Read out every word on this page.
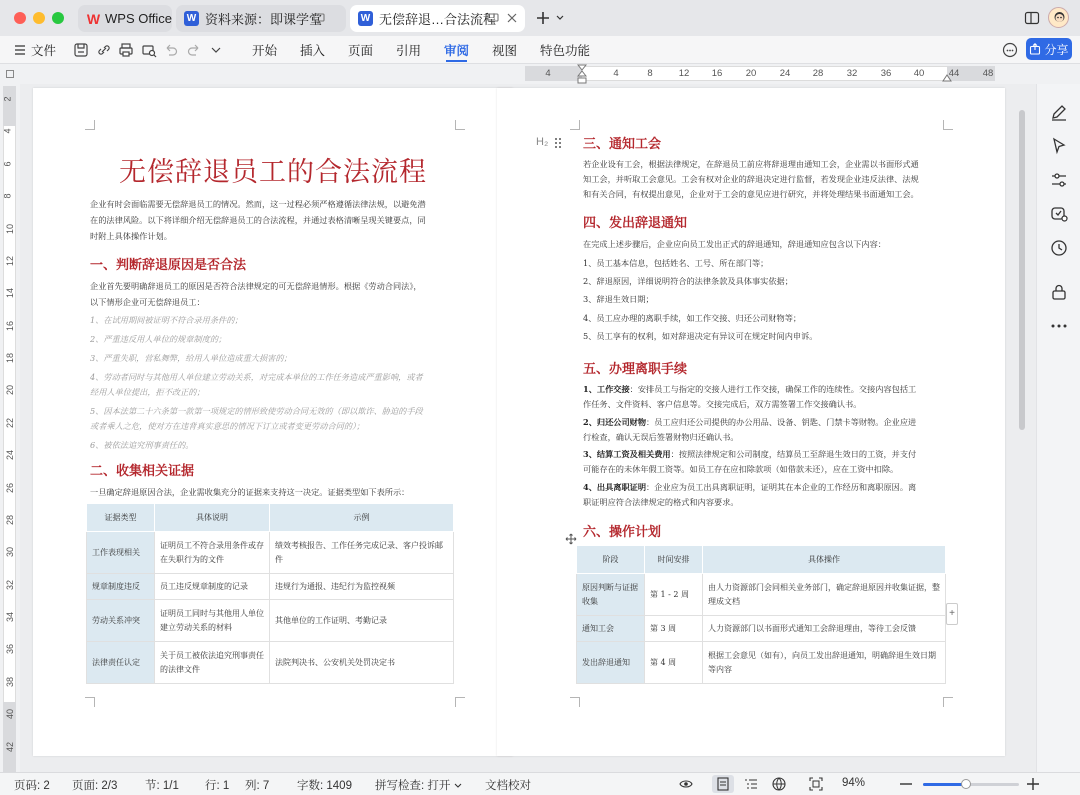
W WPS Office W 资料来源：即课学堂	W 无偿辞退…合法流程
文件	开始 插入 页面 引用 审阅 视图 特色功能	分享
4	4	8	12	16	20	24	28	32	36	40	44	48
2
4
6
8
10
12
14
16
18
20
22
24
26
28
30
32
34
36
38
40
42
无偿辞退员工的合法流程
企业有时会面临需要无偿辞退员工的情况。然而，这一过程必须严格遵循法律法规，以避免潜
在的法律风险。以下将详细介绍无偿辞退员工的合法流程，并通过表格清晰呈现关键要点，同
时附上具体操作计划。
一、判断辞退原因是否合法
企业首先要明确辞退员工的原因是否符合法律规定的可无偿辞退情形。根据《劳动合同法》，
以下情形企业可无偿辞退员工：
1、在试用期间被证明不符合录用条件的；
2、严重违反用人单位的规章制度的；
3、严重失职，营私舞弊，给用人单位造成重大损害的；
4、劳动者同时与其他用人单位建立劳动关系，对完成本单位的工作任务造成严重影响，或者
经用人单位提出，拒不改正的；
5、因本法第二十六条第一款第一项规定的情形致使劳动合同无效的（即以欺诈、胁迫的手段
或者乘人之危，使对方在违背真实意思的情况下订立或者变更劳动合同的）；
6、被依法追究刑事责任的。
二、收集相关证据
一旦确定辞退原因合法，企业需收集充分的证据来支持这一决定。证据类型如下表所示：
证据类型	具体说明	示例
工作表现相关	证明员工不符合录用条件或存在失职行为的文件	绩效考核报告、工作任务完成记录、客户投诉邮件
规章制度违反	员工违反规章制度的记录	违规行为通报、违纪行为监控视频
劳动关系冲突	证明员工同时与其他用人单位建立劳动关系的材料	其他单位的工作证明、考勤记录
法律责任认定	关于员工被依法追究刑事责任的法律文件	法院判决书、公安机关处罚决定书
H₂	三、通知工会
若企业设有工会，根据法律规定，在辞退员工前应将辞退理由通知工会，企业需以书面形式通
知工会，并听取工会意见。工会有权对企业的辞退决定进行监督，若发现企业违反法律、法规
和有关合同，有权提出意见，企业对于工会的意见应进行研究，并将处理结果书面通知工会。
四、发出辞退通知
在完成上述步骤后，企业应向员工发出正式的辞退通知，辞退通知应包含以下内容：
1、员工基本信息，包括姓名、工号、所在部门等；
2、辞退原因，详细说明符合的法律条款及具体事实依据；
3、辞退生效日期；
4、员工应办理的离职手续，如工作交接、归还公司财物等；
5、员工享有的权利，如对辞退决定有异议可在规定时间内申诉。
五、办理离职手续
1、工作交接：安排员工与指定的交接人进行工作交接，确保工作的连续性。交接内容包括工
作任务、文件资料、客户信息等。交接完成后，双方需签署工作交接确认书。
2、归还公司财物：员工应归还公司提供的办公用品、设备、钥匙、门禁卡等财物。企业应进
行检查，确认无误后签署财物归还确认书。
3、结算工资及相关费用：按照法律规定和公司制度，结算员工至辞退生效日的工资，并支付
可能存在的未休年假工资等。如员工存在应扣除款项（如借款未还），应在工资中扣除。
4、出具离职证明：企业应为员工出具离职证明，证明其在本企业的工作经历和离职原因。离
职证明应符合法律规定的格式和内容要求。
六、操作计划
阶段	时间安排	具体操作
原因判断与证据收集	第 1 - 2 周	由人力资源部门会同相关业务部门，确定辞退原因并收集证据，整理成文档
通知工会	第 3 周	人力资源部门以书面形式通知工会辞退理由，等待工会反馈
发出辞退通知	第 4 周	根据工会意见（如有），向员工发出辞退通知，明确辞退生效日期等内容
+
页码: 2 页面: 2/3 节: 1/1 行: 1 列: 7 字数: 1409 拼写检查: 打开	文档校对	94%
